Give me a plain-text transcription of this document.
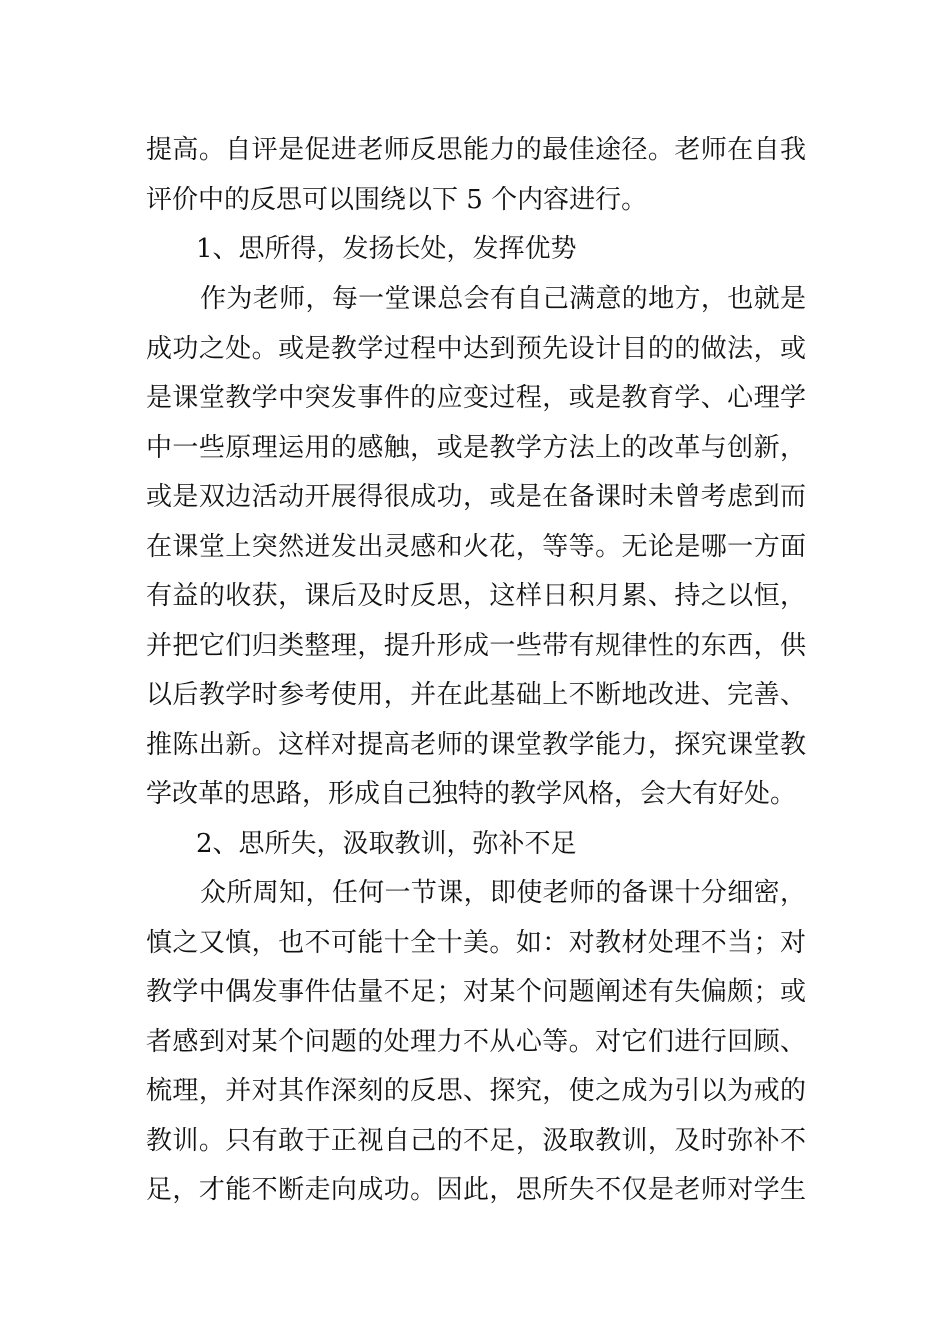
提高。自评是促进老师反思能力的最佳途径。老师在自我
评价中的反思可以围绕以下 5 个内容进行。
1、思所得，发扬长处，发挥优势
作为老师，每一堂课总会有自己满意的地方，也就是
成功之处。或是教学过程中达到预先设计目的的做法，或
是课堂教学中突发事件的应变过程，或是教育学、心理学
中一些原理运用的感触，或是教学方法上的改革与创新，
或是双边活动开展得很成功，或是在备课时未曾考虑到而
在课堂上突然迸发出灵感和火花，等等。无论是哪一方面
有益的收获，课后及时反思，这样日积月累、持之以恒，
并把它们归类整理，提升形成一些带有规律性的东西，供
以后教学时参考使用，并在此基础上不断地改进、完善、
推陈出新。这样对提高老师的课堂教学能力，探究课堂教
学改革的思路，形成自己独特的教学风格，会大有好处。
2、思所失，汲取教训，弥补不足
众所周知，任何一节课，即使老师的备课十分细密，
慎之又慎，也不可能十全十美。如：对教材处理不当；对
教学中偶发事件估量不足；对某个问题阐述有失偏颇；或
者感到对某个问题的处理力不从心等。对它们进行回顾、
梳理，并对其作深刻的反思、探究，使之成为引以为戒的
教训。只有敢于正视自己的不足，汲取教训，及时弥补不
足，才能不断走向成功。因此，思所失不仅是老师对学生
